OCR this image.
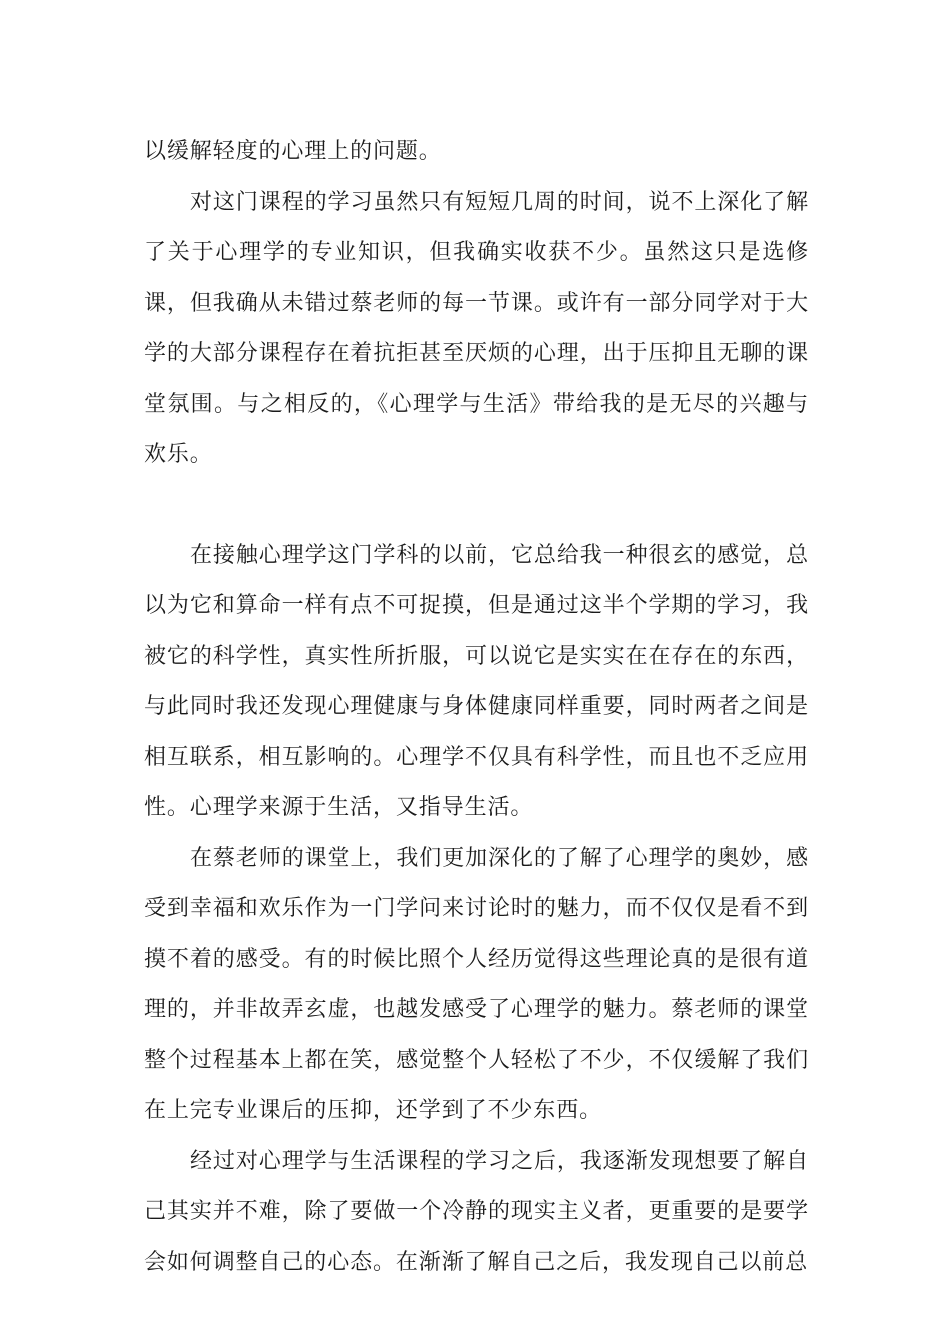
以缓解轻度的心理上的问题。

对这门课程的学习虽然只有短短几周的时间，说不上深化了解了关于心理学的专业知识，但我确实收获不少。虽然这只是选修课，但我确从未错过蔡老师的每一节课。或许有一部分同学对于大学的大部分课程存在着抗拒甚至厌烦的心理，出于压抑且无聊的课堂氛围。与之相反的，《心理学与生活》带给我的是无尽的兴趣与欢乐。

在接触心理学这门学科的以前，它总给我一种很玄的感觉，总以为它和算命一样有点不可捉摸，但是通过这半个学期的学习，我被它的科学性，真实性所折服，可以说它是实实在在存在的东西，与此同时我还发现心理健康与身体健康同样重要，同时两者之间是相互联系，相互影响的。心理学不仅具有科学性，而且也不乏应用性。心理学来源于生活，又指导生活。

在蔡老师的课堂上，我们更加深化的了解了心理学的奥妙，感受到幸福和欢乐作为一门学问来讨论时的魅力，而不仅仅是看不到摸不着的感受。有的时候比照个人经历觉得这些理论真的是很有道理的，并非故弄玄虚，也越发感受了心理学的魅力。蔡老师的课堂整个过程基本上都在笑，感觉整个人轻松了不少，不仅缓解了我们在上完专业课后的压抑，还学到了不少东西。

经过对心理学与生活课程的学习之后，我逐渐发现想要了解自己其实并不难，除了要做一个冷静的现实主义者，更重要的是要学会如何调整自己的心态。在渐渐了解自己之后，我发现自己以前总
